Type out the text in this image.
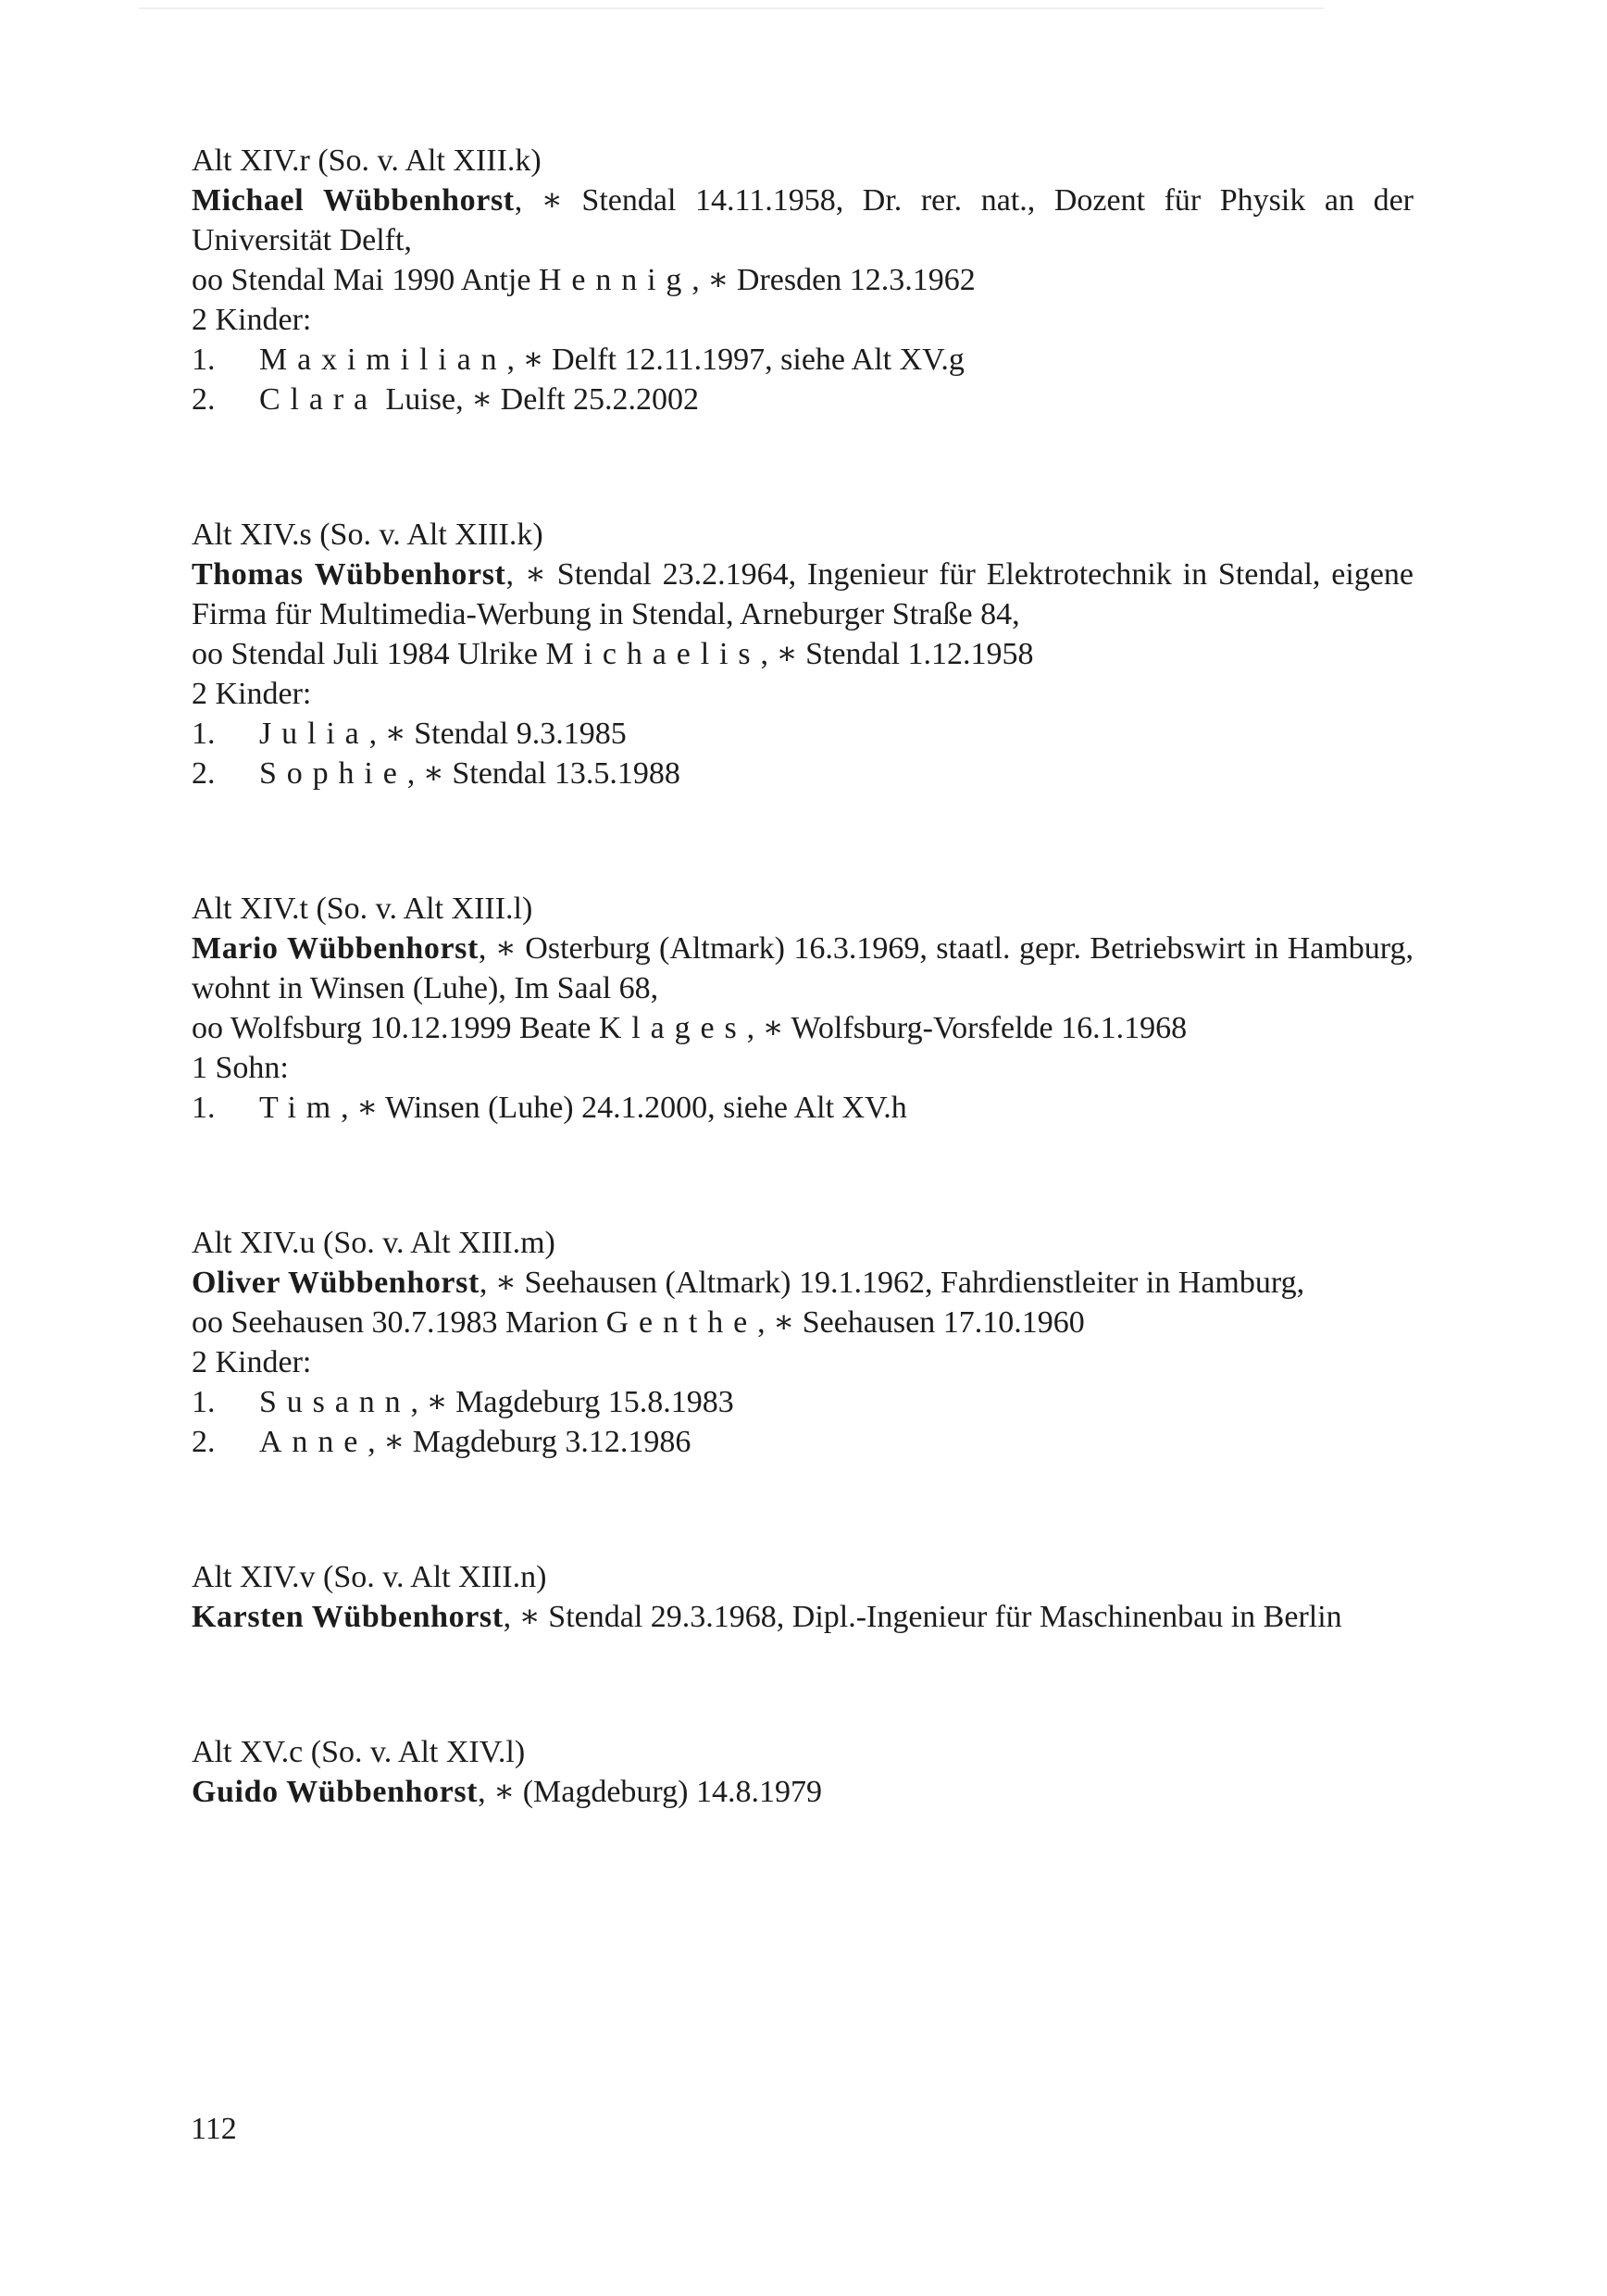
Alt XIV.r (So. v. Alt XIII.k)
Michael Wübbenhorst, ∗ Stendal 14.11.1958, Dr. rer. nat., Dozent für Physik an der Universität Delft,
oo Stendal Mai 1990 Antje Hennig, ∗ Dresden 12.3.1962
2 Kinder:
1.	Maximilian, ∗ Delft 12.11.1997, siehe Alt XV.g
2.	Clara Luise, ∗ Delft 25.2.2002
Alt XIV.s (So. v. Alt XIII.k)
Thomas Wübbenhorst, ∗ Stendal 23.2.1964, Ingenieur für Elektrotechnik in Stendal, eigene Firma für Multimedia-Werbung in Stendal, Arneburger Straße 84,
oo Stendal Juli 1984 Ulrike Michaelis, ∗ Stendal 1.12.1958
2 Kinder:
1.	Julia, ∗ Stendal 9.3.1985
2.	Sophie, ∗ Stendal 13.5.1988
Alt XIV.t (So. v. Alt XIII.l)
Mario Wübbenhorst, ∗ Osterburg (Altmark) 16.3.1969, staatl. gepr. Betriebswirt in Hamburg, wohnt in Winsen (Luhe), Im Saal 68,
oo Wolfsburg 10.12.1999 Beate Klages, ∗ Wolfsburg-Vorsfelde 16.1.1968
1 Sohn:
1.	Tim, ∗ Winsen (Luhe) 24.1.2000, siehe Alt XV.h
Alt XIV.u (So. v. Alt XIII.m)
Oliver Wübbenhorst, ∗ Seehausen (Altmark) 19.1.1962, Fahrdienstleiter in Hamburg,
oo Seehausen 30.7.1983 Marion Genthe, ∗ Seehausen 17.10.1960
2 Kinder:
1.	Susann, ∗ Magdeburg 15.8.1983
2.	Anne, ∗ Magdeburg 3.12.1986
Alt XIV.v (So. v. Alt XIII.n)
Karsten Wübbenhorst, ∗ Stendal 29.3.1968, Dipl.-Ingenieur für Maschinenbau in Berlin
Alt XV.c (So. v. Alt XIV.l)
Guido Wübbenhorst, ∗ (Magdeburg) 14.8.1979
112
